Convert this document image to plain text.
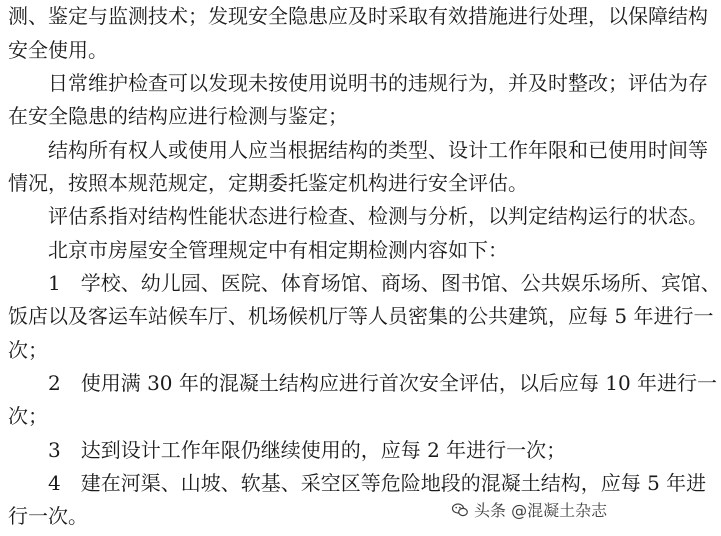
测、鉴定与监测技术；发现安全隐患应及时采取有效措施进行处理，以保障结构
安全使用。
日常维护检查可以发现未按使用说明书的违规行为，并及时整改；评估为存
在安全隐患的结构应进行检测与鉴定；
结构所有权人或使用人应当根据结构的类型、设计工作年限和已使用时间等
情况，按照本规范规定，定期委托鉴定机构进行安全评估。
评估系指对结构性能状态进行检查、检测与分析，以判定结构运行的状态。
北京市房屋安全管理规定中有相定期检测内容如下：
1　学校、幼儿园、医院、体育场馆、商场、图书馆、公共娱乐场所、宾馆、
饭店以及客运车站候车厅、机场候机厅等人员密集的公共建筑，应每 5 年进行一
次；
2　使用满 30 年的混凝土结构应进行首次安全评估，以后应每 10 年进行一
次；
3　达到设计工作年限仍继续使用的，应每 2 年进行一次；
4　建在河渠、山坡、软基、采空区等危险地段的混凝土结构，应每 5 年进
行一次。	头条 @混凝土杂志
